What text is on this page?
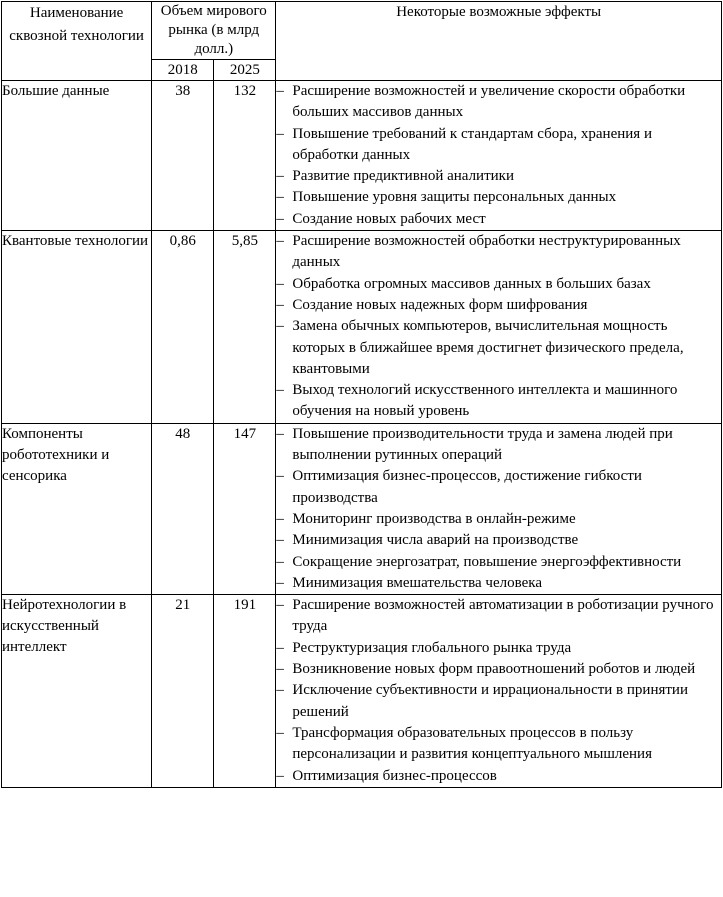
Наименование сквозной технологии	Объем мирового рынка (в млрд долл.)		Некоторые возможные эффекты
	2018	2025	
Большие данные	38	132	– Расширение возможностей и увеличение скорости обработки больших массивов данных
– Повышение требований к стандартам сбора, хранения и обработки данных
– Развитие предиктивной аналитики
– Повышение уровня защиты персональных данных
– Создание новых рабочих мест

Квантовые технологии	0,86	5,85	– Расширение возможностей обработки неструктурированных данных
– Обработка огромных массивов данных в больших базах
– Создание новых надежных форм шифрования
– Замена обычных компьютеров, вычислительная мощность которых в ближайшее время достигнет физического предела, квантовыми
– Выход технологий искусственного интеллекта и машинного обучения на новый уровень

Компоненты робототехники и сенсорика	48	147	– Повышение производительности труда и замена людей при выполнении рутинных операций
– Оптимизация бизнес-процессов, достижение гибкости производства
– Мониторинг производства в онлайн-режиме
– Минимизация числа аварий на производстве
– Сокращение энергозатрат, повышение энергоэффективности
– Минимизация вмешательства человека

Нейротехнологии в искусственный интеллект	21	191	– Расширение возможностей автоматизации в роботизации ручного труда
– Реструктуризация глобального рынка труда
– Возникновение новых форм правоотношений роботов и людей
– Исключение субъективности и иррациональности в принятии решений
– Трансформация образовательных процессов в пользу персонализации и развития концептуального мышления
– Оптимизация бизнес-процессов
